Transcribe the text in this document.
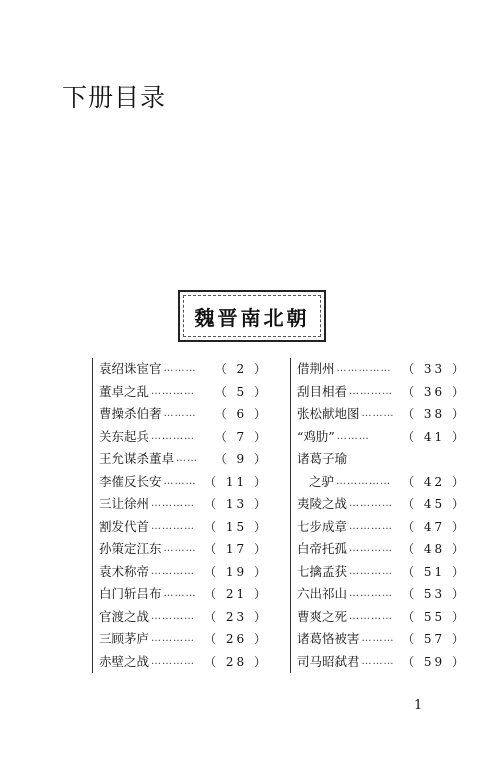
下册目录
魏晋南北朝
袁绍诛宦官 ………	（ 2 ）
董卓之乱 …………	（ 5 ）
曹操杀伯奢 ………	（ 6 ）
关东起兵 …………	（ 7 ）
王允谋杀董卓 ……	（ 9 ）
李傕反长安 ……… （ 11 ）
三让徐州 ………… （ 13 ）
割发代首 ………… （ 15 ）
孙策定江东 ……… （ 17 ）
袁术称帝 ………… （ 19 ）
白门斩吕布 ……… （ 21 ）
官渡之战 ………… （ 23 ）
三顾茅庐 ………… （ 26 ）
赤壁之战 ………… （ 28 ）
借荆州 …………… （ 33 ）
刮目相看 ………… （ 36 ）
张松献地图 ……… （ 38 ）
“鸡肋” ………	（ 41 ）
诸葛子瑜
之驴 …………… （ 42 ）
夷陵之战 ………… （ 45 ）
七步成章 ………… （ 47 ）
白帝托孤 ………… （ 48 ）
七擒孟获 ………… （ 51 ）
六出祁山 ………… （ 53 ）
曹爽之死 ………… （ 55 ）
诸葛恪被害 ……… （ 57 ）
司马昭弑君 ……… （ 59 ）
1
